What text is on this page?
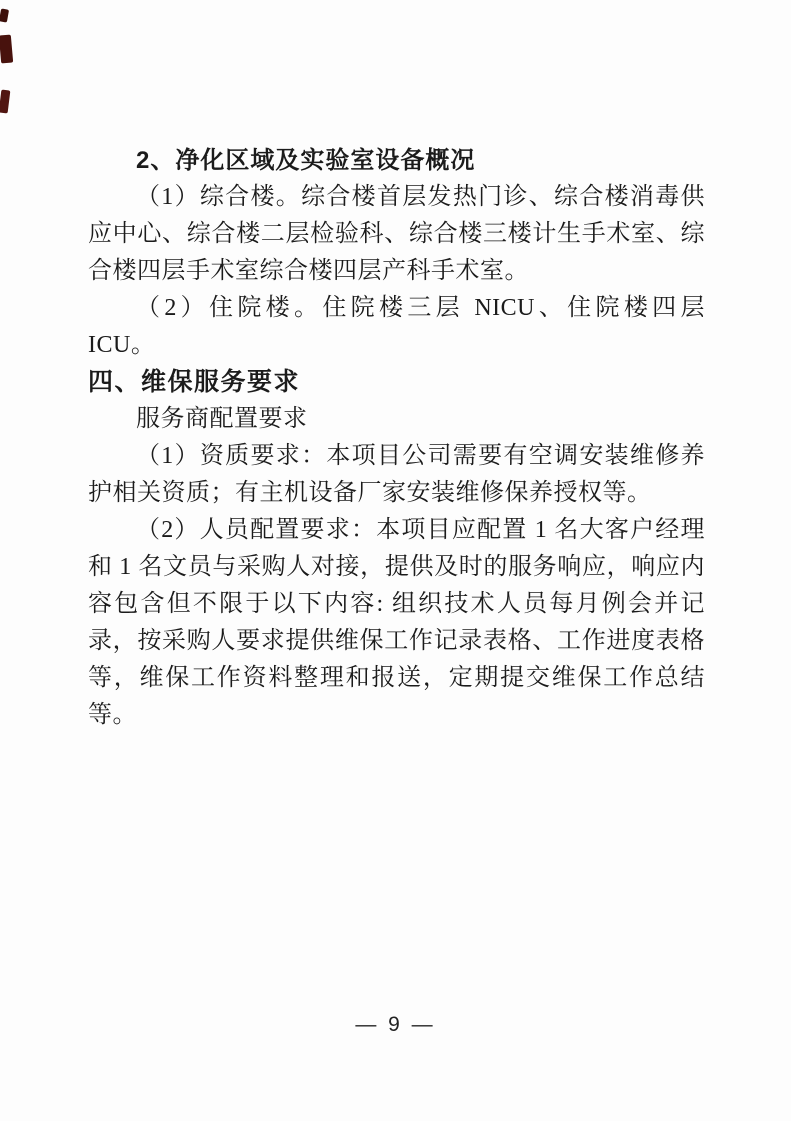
2、净化区域及实验室设备概况

（1）综合楼。综合楼首层发热门诊、综合楼消毒供应中心、综合楼二层检验科、综合楼三楼计生手术室、综合楼四层手术室综合楼四层产科手术室。

（2）住院楼。住院楼三层 NICU、住院楼四层 ICU。

四、维保服务要求

服务商配置要求

（1）资质要求：本项目公司需要有空调安装维修养护相关资质；有主机设备厂家安装维修保养授权等。

（2）人员配置要求：本项目应配置 1 名大客户经理和 1 名文员与采购人对接，提供及时的服务响应，响应内容包含但不限于以下内容: 组织技术人员每月例会并记录，按采购人要求提供维保工作记录表格、工作进度表格等，维保工作资料整理和报送，定期提交维保工作总结等。

— 9 —
